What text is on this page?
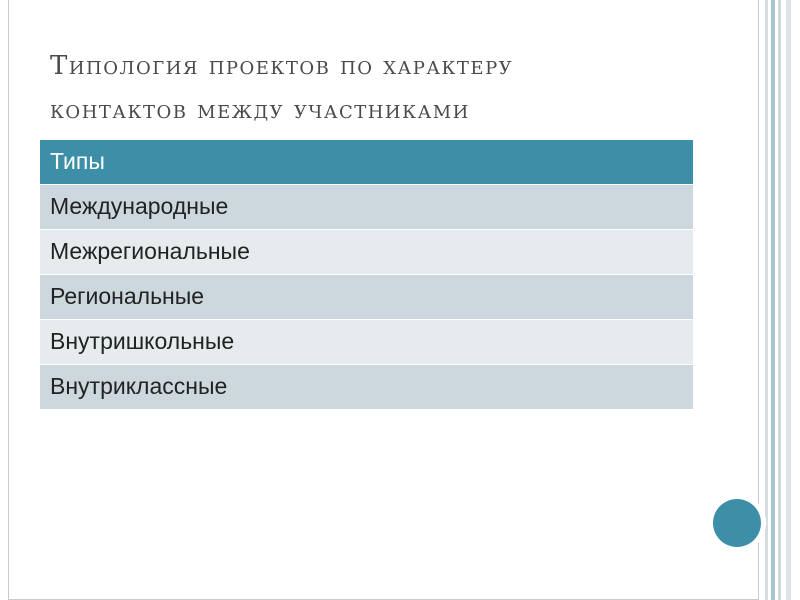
Типология проектов по характеру
контактов между участниками
Типы
Международные
Межрегиональные
Региональные
Внутришкольные
Внутриклассные
